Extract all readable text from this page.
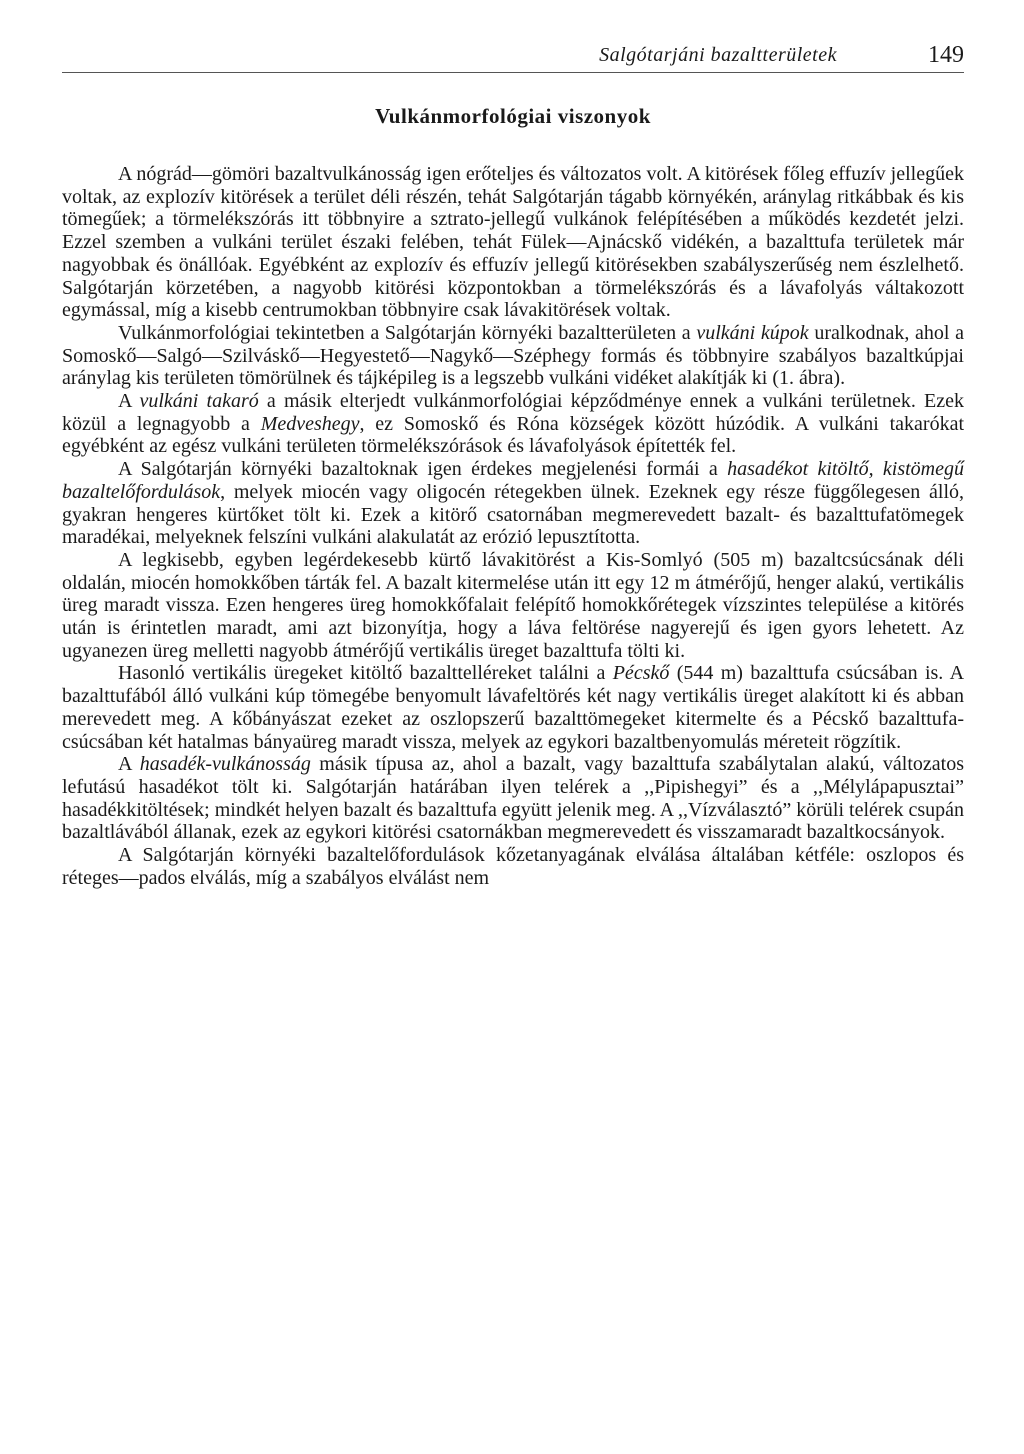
Salgótarjáni bazaltterületek	149
Vulkánmorfológiai viszonyok

A nógrád—gömöri bazaltvulkánosság igen erőteljes és változatos volt. A kitörések főleg effuzív jellegűek voltak, az explozív kitörések a terület déli részén, tehát Salgótarján tágabb környékén, aránylag ritkábbak és kis tömegűek; a törmelékszórás itt többnyire a sztrato-jellegű vulkánok felépítésében a működés kezdetét jelzi. Ezzel szemben a vulkáni terület északi felében, tehát Fülek—Ajnácskő vidékén, a bazalttufa területek már nagyobbak és önállóak. Egyébként az explozív és effuzív jellegű kitörésekben szabályszerűség nem észlelhető. Salgótarján körzetében, a nagyobb kitörési központokban a törmelékszórás és a lávafolyás váltakozott egymással, míg a kisebb centrumokban többnyire csak lávakitörések voltak.

Vulkánmorfológiai tekintetben a Salgótarján környéki bazaltterületen a vulkáni kúpok uralkodnak, ahol a Somoskő—Salgó—Szilváskő—Hegyestető—Nagykő—Széphegy formás és többnyire szabályos bazaltkúpjai aránylag kis területen tömörülnek és tájképileg is a legszebb vulkáni vidéket alakítják ki (1. ábra).

A vulkáni takaró a másik elterjedt vulkánmorfológiai képződménye ennek a vulkáni területnek. Ezek közül a legnagyobb a Medveshegy, ez Somoskő és Róna községek között húzódik. A vulkáni takarókat egyébként az egész vulkáni területen törmelékszórások és lávafolyások építették fel.

A Salgótarján környéki bazaltoknak igen érdekes megjelenési formái a hasadékot kitöltő, kistömegű bazaltelőfordulások, melyek miocén vagy oligocén rétegekben ülnek. Ezeknek egy része függőlegesen álló, gyakran hengeres kürtőket tölt ki. Ezek a kitörő csatornában megmerevedett bazalt- és bazalttufatömegek maradékai, melyeknek felszíni vulkáni alakulatát az erózió lepusztította.

A legkisebb, egyben legérdekesebb kürtő lávakitörést a Kis-Somlyó (505 m) bazaltcsúcsának déli oldalán, miocén homokkőben tárták fel. A bazalt kitermelése után itt egy 12 m átmérőjű, henger alakú, vertikális üreg maradt vissza. Ezen hengeres üreg homokkőfalait felépítő homokkőrétegek vízszintes települése a kitörés után is érintetlen maradt, ami azt bizonyítja, hogy a láva feltörése nagyerejű és igen gyors lehetett. Az ugyanezen üreg melletti nagyobb átmérőjű vertikális üreget bazalttufa tölti ki.

Hasonló vertikális üregeket kitöltő bazalttelléreket találni a Pécskő (544 m) bazalttufa csúcsában is. A bazalttufából álló vulkáni kúp tömegébe benyomult lávafeltörés két nagy vertikális üreget alakított ki és abban merevedett meg. A kőbányászat ezeket az oszlopszerű bazalttömegeket kitermelte és a Pécskő bazalttufa-csúcsában két hatalmas bányaüreg maradt vissza, melyek az egykori bazaltbenyomulás méreteit rögzítik.

A hasadék-vulkánosság másik típusa az, ahol a bazalt, vagy bazalttufa szabálytalan alakú, változatos lefutású hasadékot tölt ki. Salgótarján határában ilyen telérek a ,,Pipishegyi” és a ,,Mélylápapusztai” hasadékkitöltések; mindkét helyen bazalt és bazalttufa együtt jelenik meg. A ,,Vízválasztó” körüli telérek csupán bazaltlávából állanak, ezek az egykori kitörési csatornákban megmerevedett és visszamaradt bazaltkocsányok.

A Salgótarján környéki bazaltelőfordulások kőzetanyagának elválása általában kétféle: oszlopos és réteges—pados elválás, míg a szabályos elválást nem
